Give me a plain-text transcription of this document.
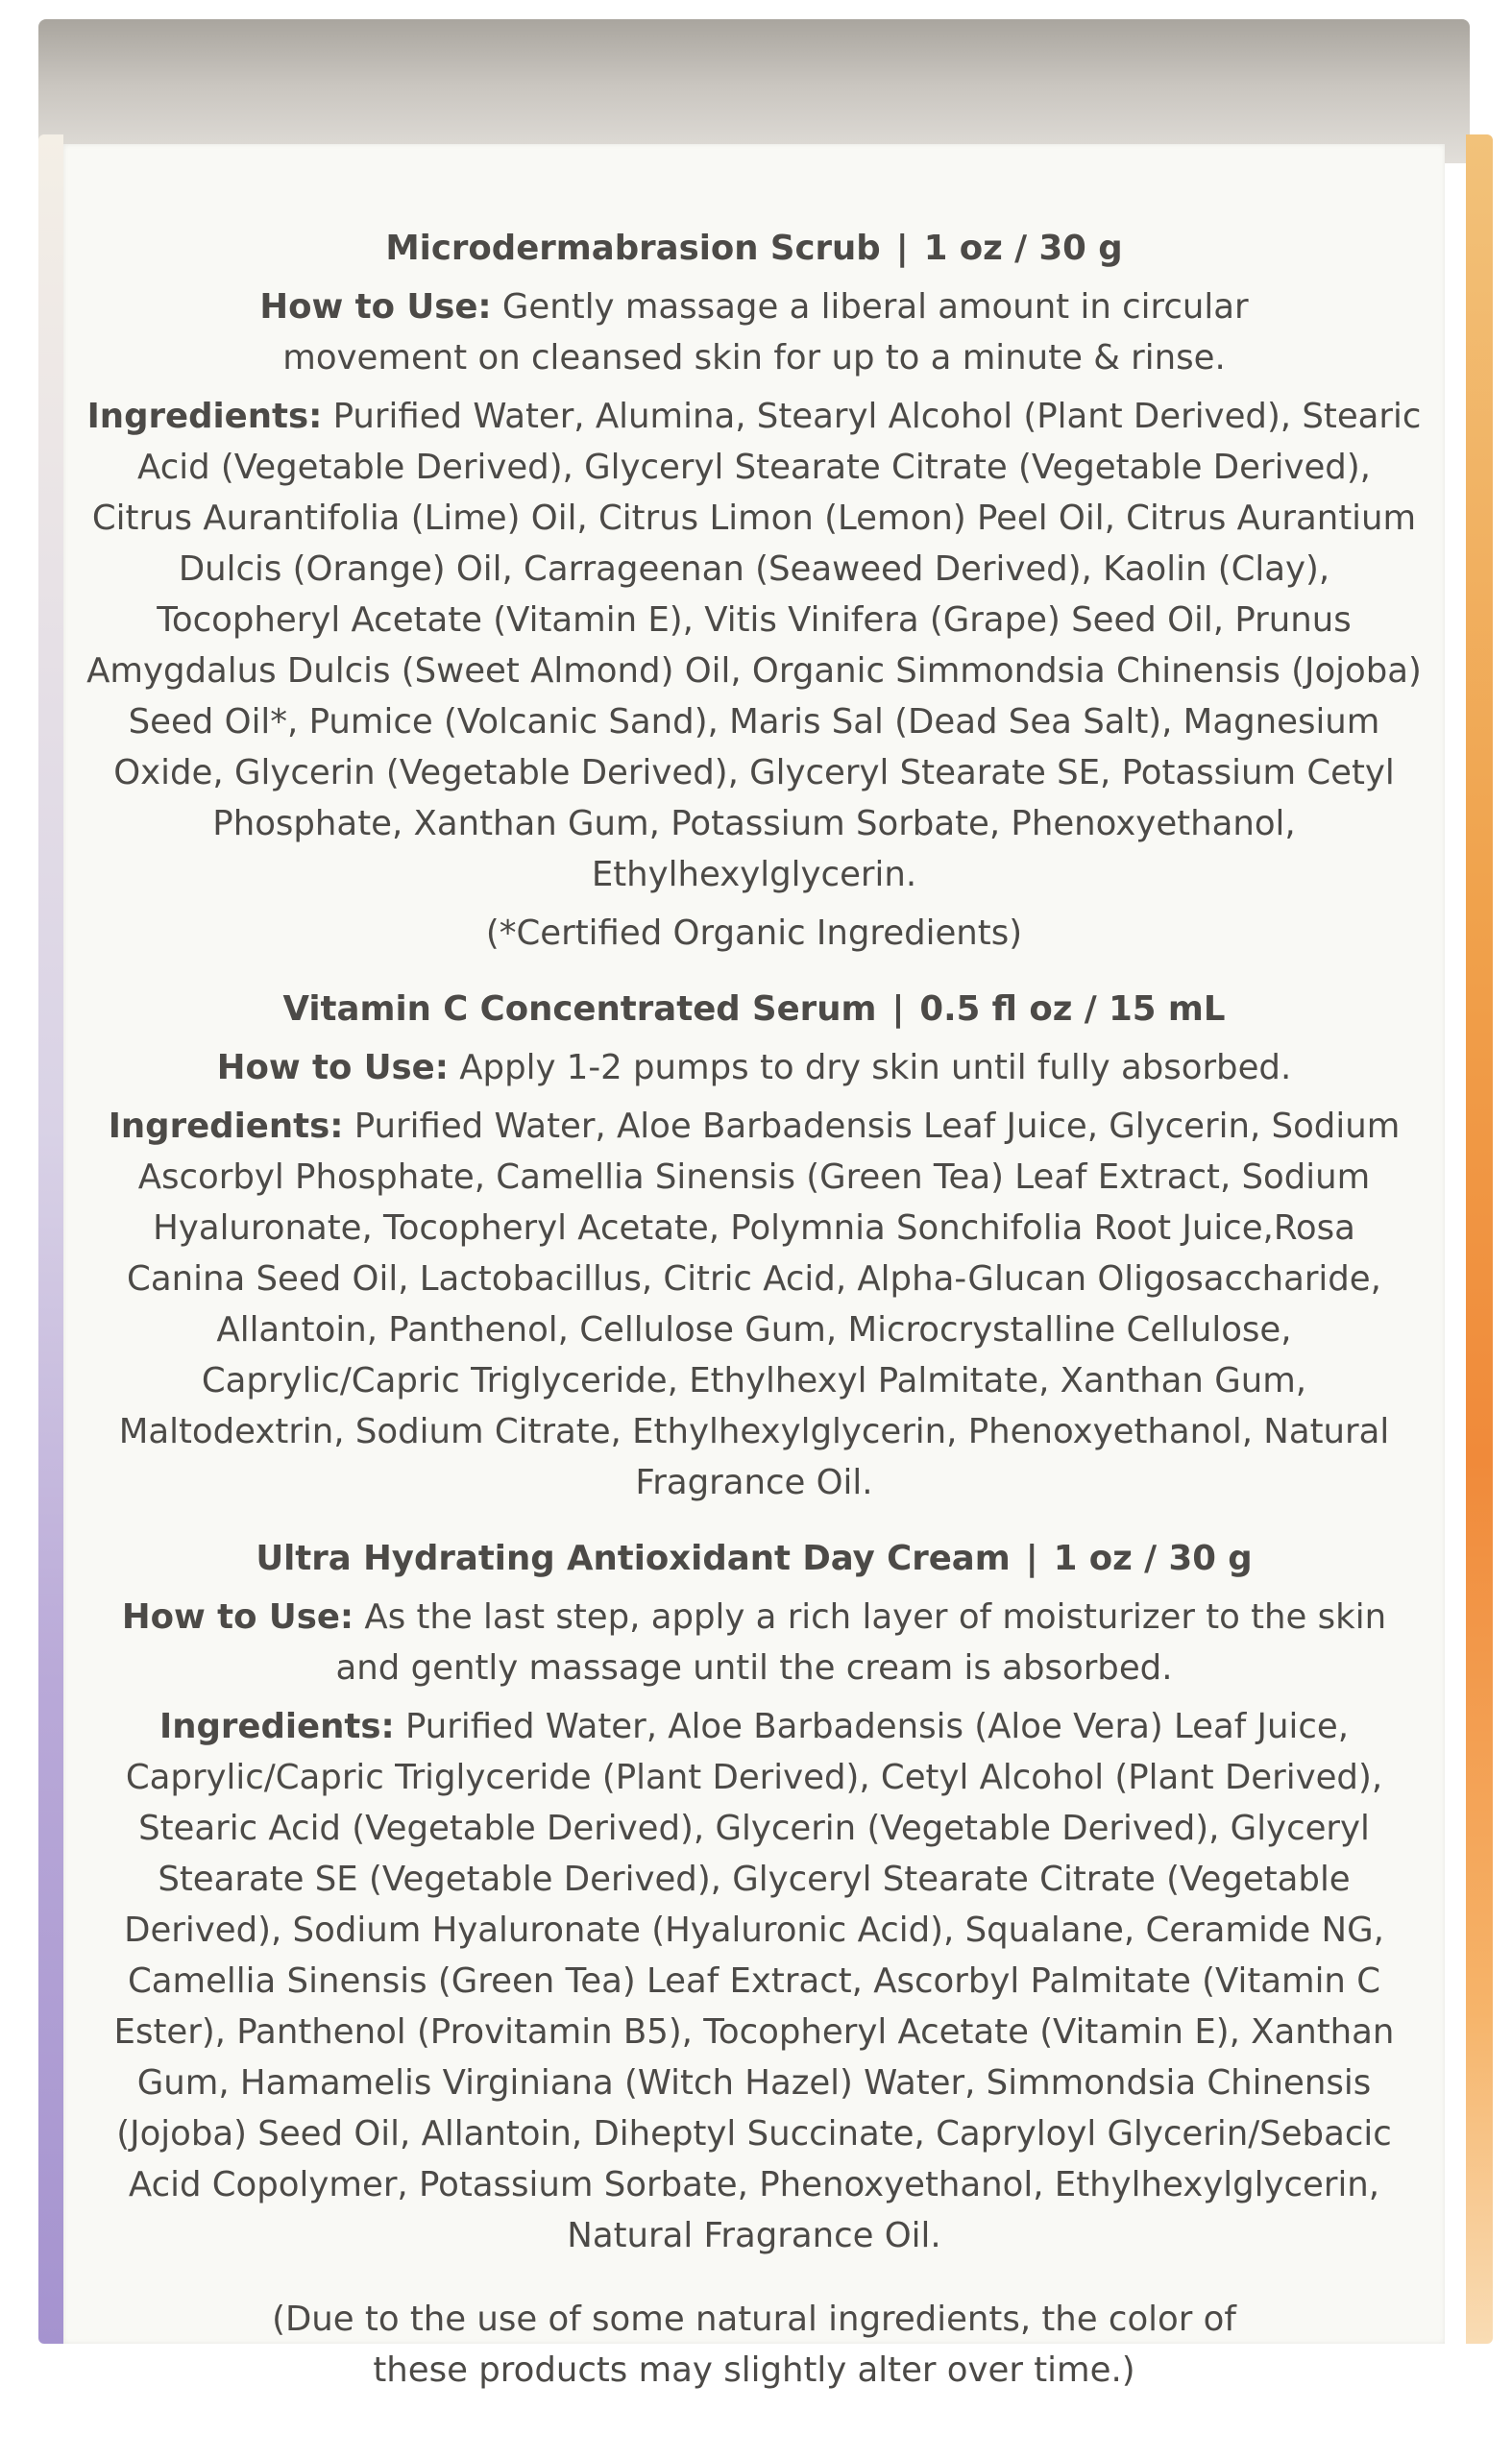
Microdermabrasion Scrub | 1 oz / 30 g
How to Use: Gently massage a liberal amount in circular movement on cleansed skin for up to a minute & rinse.
Ingredients: Purified Water, Alumina, Stearyl Alcohol (Plant Derived), Stearic Acid (Vegetable Derived), Glyceryl Stearate Citrate (Vegetable Derived), Citrus Aurantifolia (Lime) Oil, Citrus Limon (Lemon) Peel Oil, Citrus Aurantium Dulcis (Orange) Oil, Carrageenan (Seaweed Derived), Kaolin (Clay), Tocopheryl Acetate (Vitamin E), Vitis Vinifera (Grape) Seed Oil, Prunus Amygdalus Dulcis (Sweet Almond) Oil, Organic Simmondsia Chinensis (Jojoba) Seed Oil*, Pumice (Volcanic Sand), Maris Sal (Dead Sea Salt), Magnesium Oxide, Glycerin (Vegetable Derived), Glyceryl Stearate SE, Potassium Cetyl Phosphate, Xanthan Gum, Potassium Sorbate, Phenoxyethanol, Ethylhexylglycerin.
(*Certified Organic Ingredients)
Vitamin C Concentrated Serum | 0.5 fl oz / 15 mL
How to Use: Apply 1-2 pumps to dry skin until fully absorbed.
Ingredients: Purified Water, Aloe Barbadensis Leaf Juice, Glycerin, Sodium Ascorbyl Phosphate, Camellia Sinensis (Green Tea) Leaf Extract, Sodium Hyaluronate, Tocopheryl Acetate, Polymnia Sonchifolia Root Juice,Rosa Canina Seed Oil, Lactobacillus, Citric Acid, Alpha-Glucan Oligosaccharide, Allantoin, Panthenol, Cellulose Gum, Microcrystalline Cellulose, Caprylic/Capric Triglyceride, Ethylhexyl Palmitate, Xanthan Gum, Maltodextrin, Sodium Citrate, Ethylhexylglycerin, Phenoxyethanol, Natural Fragrance Oil.
Ultra Hydrating Antioxidant Day Cream | 1 oz / 30 g
How to Use: As the last step, apply a rich layer of moisturizer to the skin and gently massage until the cream is absorbed.
Ingredients: Purified Water, Aloe Barbadensis (Aloe Vera) Leaf Juice, Caprylic/Capric Triglyceride (Plant Derived), Cetyl Alcohol (Plant Derived), Stearic Acid (Vegetable Derived), Glycerin (Vegetable Derived), Glyceryl Stearate SE (Vegetable Derived), Glyceryl Stearate Citrate (Vegetable Derived), Sodium Hyaluronate (Hyaluronic Acid), Squalane, Ceramide NG, Camellia Sinensis (Green Tea) Leaf Extract, Ascorbyl Palmitate (Vitamin C Ester), Panthenol (Provitamin B5), Tocopheryl Acetate (Vitamin E), Xanthan Gum, Hamamelis Virginiana (Witch Hazel) Water, Simmondsia Chinensis (Jojoba) Seed Oil, Allantoin, Diheptyl Succinate, Capryloyl Glycerin/Sebacic Acid Copolymer, Potassium Sorbate, Phenoxyethanol, Ethylhexylglycerin, Natural Fragrance Oil.
(Due to the use of some natural ingredients, the color of these products may slightly alter over time.)
